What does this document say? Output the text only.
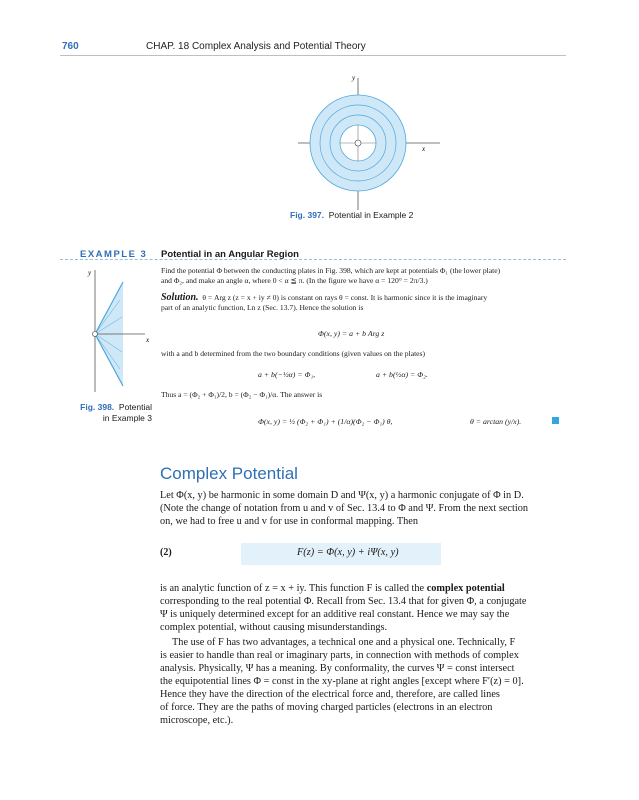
760	CHAP. 18 Complex Analysis and Potential Theory
y
x
Fig. 397. Potential in Example 2
EXAMPLE 3 Potential in an Angular Region
y
x
Fig. 398. Potential
in Example 3
Find the potential Φ between the conducting plates in Fig. 398, which are kept at potentials Φ₁ (the lower plate)
and Φ₂, and make an angle α, where 0 < α ≦ π. (In the figure we have α = 120° = 2π/3.)
Solution. θ = Arg z (z = x + iy ≠ 0) is constant on rays θ = const. It is harmonic since it is the imaginary
part of an analytic function, Ln z (Sec. 13.7). Hence the solution is
Φ(x, y) = a + b Arg z
with a and b determined from the two boundary conditions (given values on the plates)
a + b(−½α) = Φ₁,	a + b(½α) = Φ₂.
Thus a = (Φ₂ + Φ₁)/2, b = (Φ₂ − Φ₁)/α. The answer is
Φ(x, y) = ½ (Φ₂ + Φ₁) + (1/α)(Φ₂ − Φ₁) θ,	θ = arctan (y/x).
Complex Potential
Let Φ(x, y) be harmonic in some domain D and Ψ(x, y) a harmonic conjugate of Φ in D.
(Note the change of notation from u and v of Sec. 13.4 to Φ and Ψ. From the next section
on, we had to free u and v for use in conformal mapping. Then
(2)	F(z) = Φ(x, y) + iΨ(x, y)
is an analytic function of z = x + iy. This function F is called the complex potential
corresponding to the real potential Φ. Recall from Sec. 13.4 that for given Φ, a conjugate
Ψ is uniquely determined except for an additive real constant. Hence we may say the
complex potential, without causing misunderstandings.
The use of F has two advantages, a technical one and a physical one. Technically, F
is easier to handle than real or imaginary parts, in connection with methods of complex
analysis. Physically, Ψ has a meaning. By conformality, the curves Ψ = const intersect
the equipotential lines Φ = const in the xy-plane at right angles [except where F′(z) = 0].
Hence they have the direction of the electrical force and, therefore, are called lines
of force. They are the paths of moving charged particles (electrons in an electron
microscope, etc.).
